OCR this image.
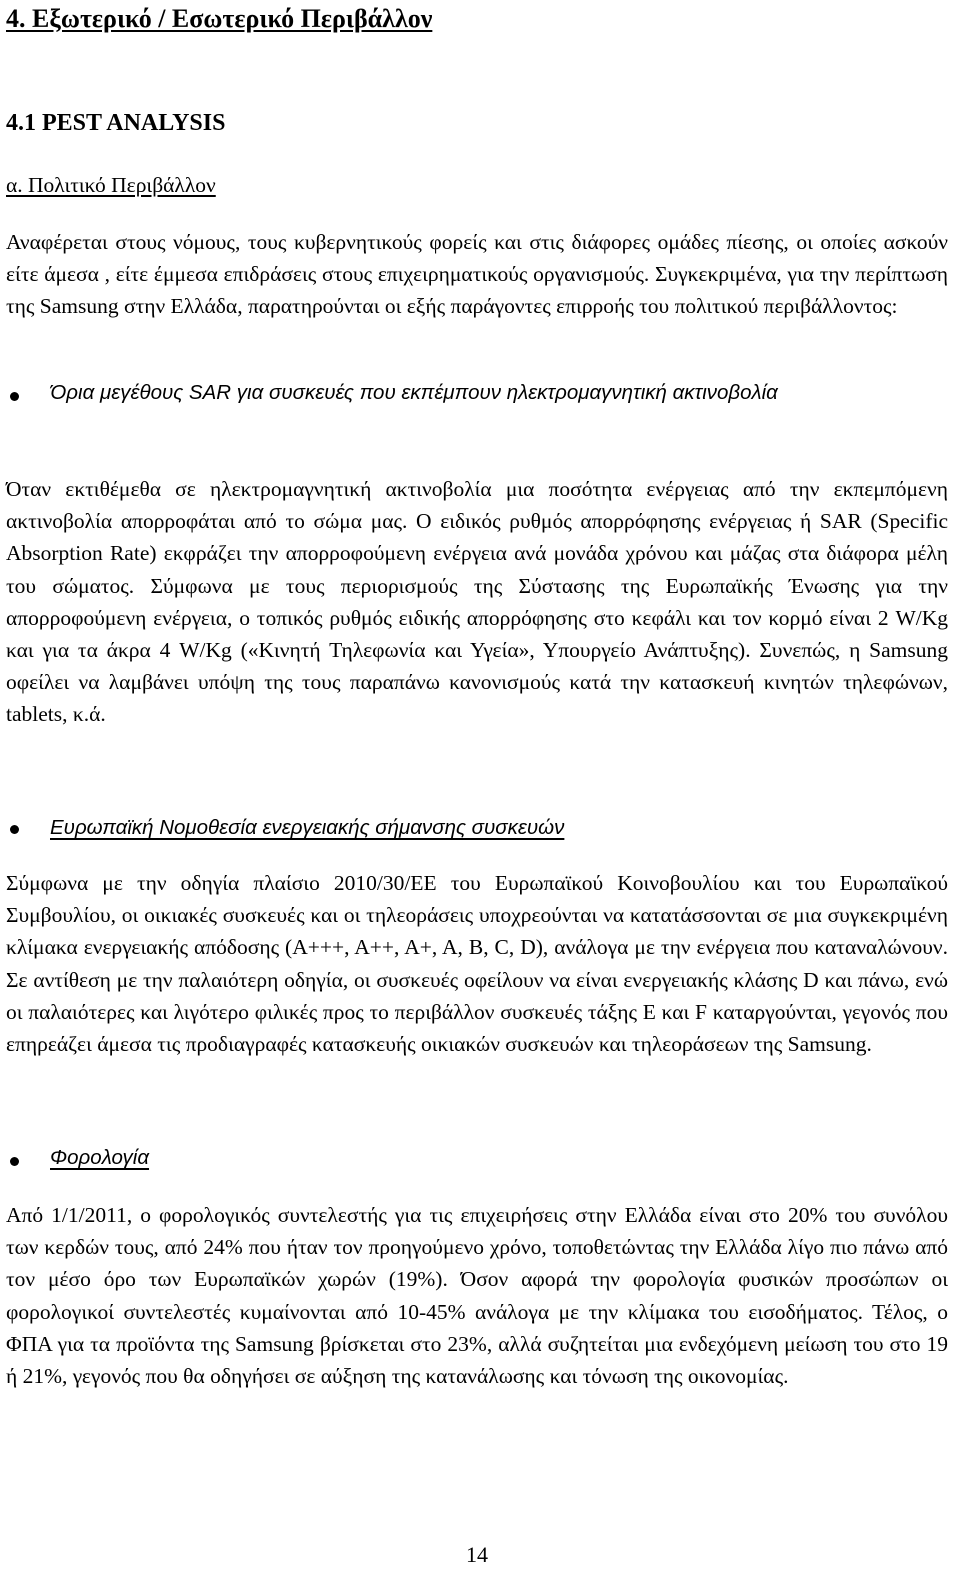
4. Εξωτερικό / Εσωτερικό Περιβάλλον
4.1 PEST ANALYSIS
α. Πολιτικό Περιβάλλον

Αναφέρεται στους νόμους, τους κυβερνητικούς φορείς και στις διάφορες ομάδες πίεσης, οι οποίες ασκούν είτε άμεσα , είτε έμμεσα επιδράσεις στους επιχειρηματικούς οργανισμούς. Συγκεκριμένα, για την περίπτωση της Samsung στην Ελλάδα, παρατηρούνται οι εξής παράγοντες επιρροής του πολιτικού περιβάλλοντος:

Όρια μεγέθους SAR για συσκευές που εκπέμπουν ηλεκτρομαγνητική ακτινοβολία

Όταν εκτιθέμεθα σε ηλεκτρομαγνητική ακτινοβολία μια ποσότητα ενέργειας από την εκπεμπόμενη ακτινοβολία απορροφάται από το σώμα μας. Ο ειδικός ρυθμός απορρόφησης ενέργειας ή SAR (Specific Absorption Rate) εκφράζει την απορροφούμενη ενέργεια ανά μονάδα χρόνου και μάζας στα διάφορα μέλη του σώματος. Σύμφωνα με τους περιορισμούς της Σύστασης της Ευρωπαϊκής Ένωσης για την απορροφούμενη ενέργεια, ο τοπικός ρυθμός ειδικής απορρόφησης στο κεφάλι και τον κορμό είναι 2 W/Kg και για τα άκρα 4 W/Kg («Κινητή Τηλεφωνία και Υγεία», Υπουργείο Ανάπτυξης). Συνεπώς, η Samsung οφείλει να λαμβάνει υπόψη της τους παραπάνω κανονισμούς κατά την κατασκευή κινητών τηλεφώνων, tablets, κ.ά.

Ευρωπαϊκή Νομοθεσία ενεργειακής σήμανσης συσκευών

Σύμφωνα με την οδηγία πλαίσιο 2010/30/ΕΕ του Ευρωπαϊκού Κοινοβουλίου και του Ευρωπαϊκού Συμβουλίου, οι οικιακές συσκευές και οι τηλεοράσεις υποχρεούνται να κατατάσσονται σε μια συγκεκριμένη κλίμακα ενεργειακής απόδοσης (A+++, A++, A+, A, B, C, D), ανάλογα με την ενέργεια που καταναλώνουν. Σε αντίθεση με την παλαιότερη οδηγία, οι συσκευές οφείλουν να είναι ενεργειακής κλάσης D και πάνω, ενώ οι παλαιότερες και λιγότερο φιλικές προς το περιβάλλον συσκευές τάξης E και F καταργούνται, γεγονός που επηρεάζει άμεσα τις προδιαγραφές κατασκευής οικιακών συσκευών και τηλεοράσεων της Samsung.

Φορολογία

Από 1/1/2011, ο φορολογικός συντελεστής για τις επιχειρήσεις στην Ελλάδα είναι στο 20% του συνόλου των κερδών τους, από 24% που ήταν τον προηγούμενο χρόνο, τοποθετώντας την Ελλάδα λίγο πιο πάνω από τον μέσο όρο των Ευρωπαϊκών χωρών (19%). Όσον αφορά την φορολογία φυσικών προσώπων οι φορολογικοί συντελεστές κυμαίνονται από 10-45% ανάλογα με την κλίμακα του εισοδήματος. Τέλος, ο ΦΠΑ για τα προϊόντα της Samsung βρίσκεται στο 23%, αλλά συζητείται μια ενδεχόμενη μείωση του στο 19 ή 21%, γεγονός που θα οδηγήσει σε αύξηση της κατανάλωσης και τόνωση της οικονομίας.

14
